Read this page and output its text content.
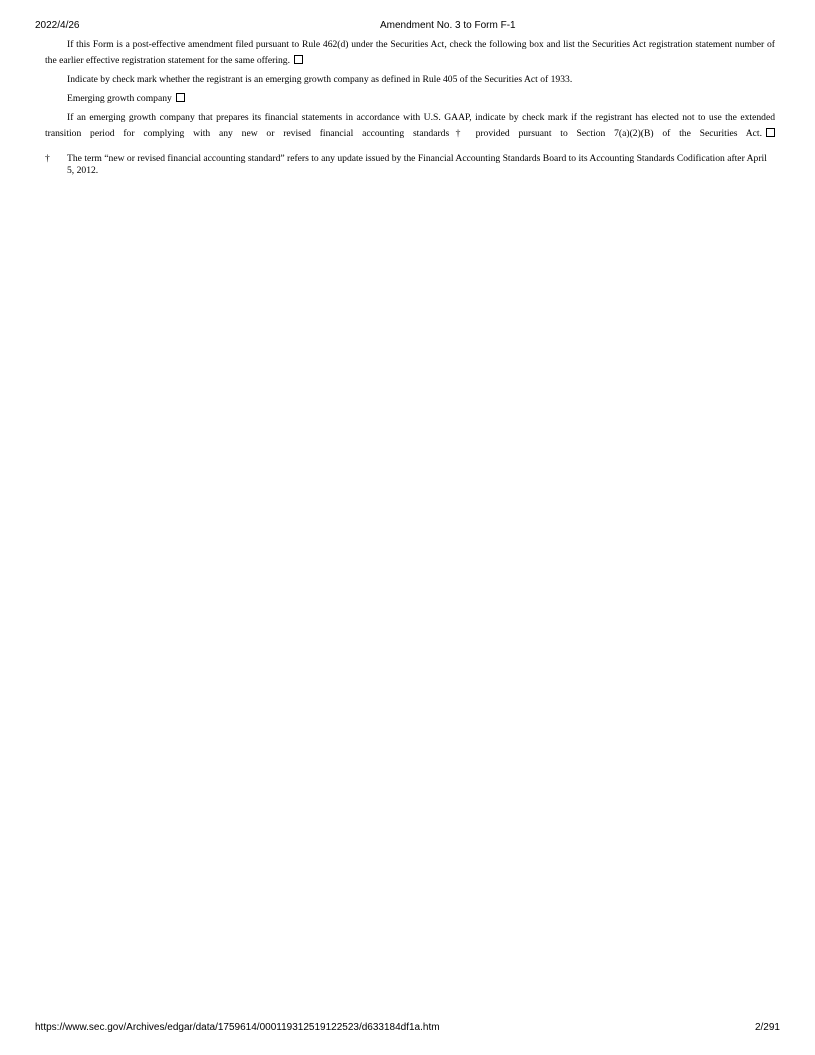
2022/4/26	Amendment No. 3 to Form F-1

If this Form is a post-effective amendment filed pursuant to Rule 462(d) under the Securities Act, check the following box and list the Securities Act registration statement number of the earlier effective registration statement for the same offering.

Indicate by check mark whether the registrant is an emerging growth company as defined in Rule 405 of the Securities Act of 1933.

Emerging growth company

If an emerging growth company that prepares its financial statements in accordance with U.S. GAAP, indicate by check mark if the registrant has elected not to use the extended transition period for complying with any new or revised financial accounting standards† provided pursuant to Section 7(a)(2)(B) of the Securities Act.

† The term “new or revised financial accounting standard” refers to any update issued by the Financial Accounting Standards Board to its Accounting Standards Codification after April 5, 2012.
https://www.sec.gov/Archives/edgar/data/1759614/000119312519122523/d633184df1a.htm	2/291
